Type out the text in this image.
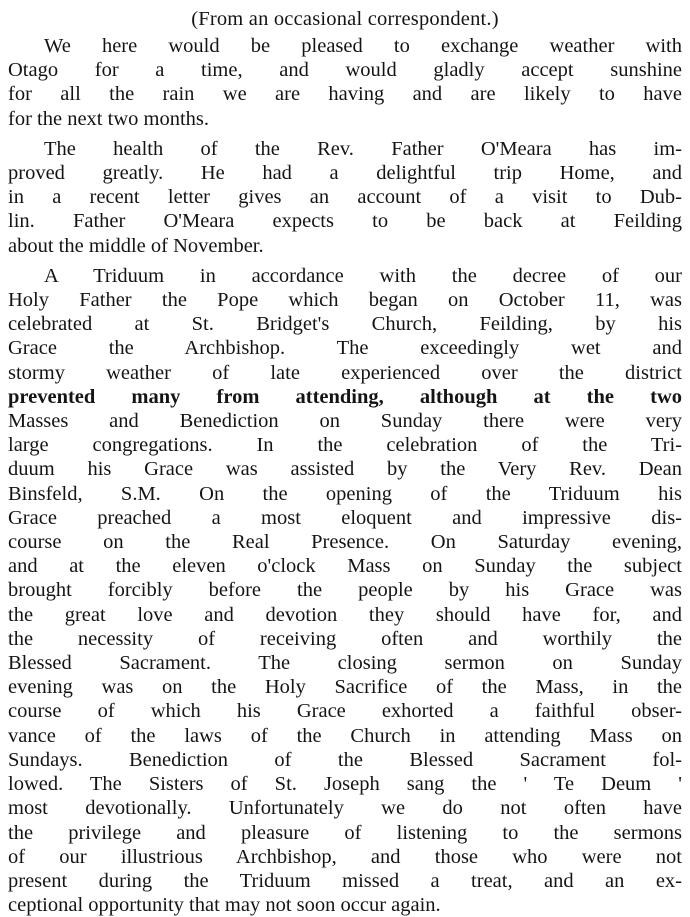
(From an occasional correspondent.)
We here would be pleased to exchange weather with
Otago for a time, and would gladly accept sunshine
for all the rain we are having and are likely to have
for the next two months.
The health of the Rev. Father O'Meara has im-
proved greatly. He had a delightful trip Home, and
in a recent letter gives an account of a visit to Dub-
lin. Father O'Meara expects to be back at Feilding
about the middle of November.
A Triduum in accordance with the decree of our
Holy Father the Pope which began on October 11, was
celebrated at St. Bridget's Church, Feilding, by his
Grace the Archbishop. The exceedingly wet and
stormy weather of late experienced over the district
prevented many from attending, although at the two
Masses and Benediction on Sunday there were very
large congregations. In the celebration of the Tri-
duum his Grace was assisted by the Very Rev. Dean
Binsfeld, S.M. On the opening of the Triduum his
Grace preached a most eloquent and impressive dis-
course on the Real Presence. On Saturday evening,
and at the eleven o'clock Mass on Sunday the subject
brought forcibly before the people by his Grace was
the great love and devotion they should have for, and
the necessity of receiving often and worthily the
Blessed Sacrament. The closing sermon on Sunday
evening was on the Holy Sacrifice of the Mass, in the
course of which his Grace exhorted a faithful obser-
vance of the laws of the Church in attending Mass on
Sundays. Benediction of the Blessed Sacrament fol-
lowed. The Sisters of St. Joseph sang the ' Te Deum '
most devotionally. Unfortunately we do not often have
the privilege and pleasure of listening to the sermons
of our illustrious Archbishop, and those who were not
present during the Triduum missed a treat, and an ex-
ceptional opportunity that may not soon occur again.
